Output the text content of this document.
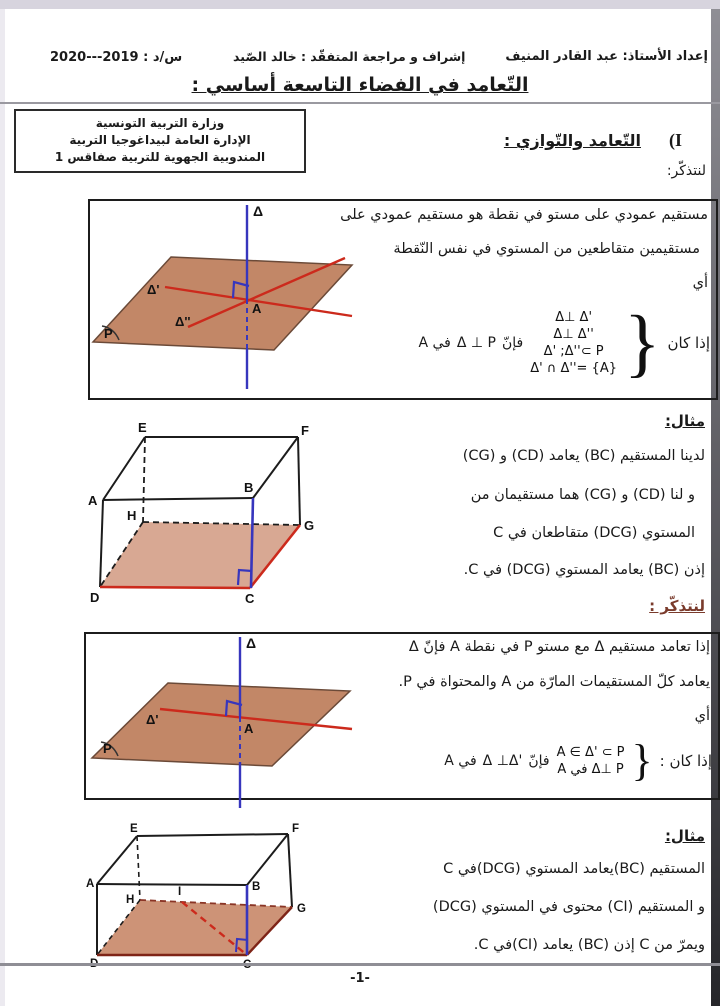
س/د : 2019---2020	إشراف و مراجعة المتفقّد : خالد الصّيد	إعداد الأستاذ: عبد القادر المنيف
التّعامد في الفضاء التاسعة أساسي :
وزارة التربية التونسية
الإدارة العامة لبيداغوجيا التربية
المندوبية الجهوية للتربية صفاقس 1
(I
التّعامد والتّوازي :
لنتذكّر:
مستقيم عمودي على مستو في نقطة هو مستقيم عمودي على
مستقيمين متقاطعين من المستوي في نفس النّقطة
أي
إذا كان
}
Δ⊥ Δ'
Δ⊥ Δ''
Δ' ;Δ''⊂ P
Δ' ∩ Δ''= {A}
فإنّ
Δ ⊥ P
في A
Δ
Δ'
Δ''
A
P
مثال:
لدينا المستقيم (BC) يعامد (CD) و (CG)
و لنا (CD) و (CG) هما مستقيمان من
المستوي (DCG) متقاطعان في C
إذن (BC) يعامد المستوي (DCG) في C.
E	F
A
B
H
G
D	C	لنتذكّر :
إذا تعامد مستقيم Δ مع مستو P في نقطة A فإنّ Δ
يعامد كلّ المستقيمات المارّة من A والمحتواة في P.
أي
إذا كان :
}
A ∈ Δ' ⊂ P
Δ⊥ P في A
فإنّ
Δ ⊥Δ'
في A
Δ
Δ'
A
P
مثال:
المستقيم (BC)يعامد المستوي (DCG)في C
و المستقيم (CI) محتوى في المستوي (DCG)
ويمرّ من C إذن (BC) يعامد (CI)في C.
E	F
A	B
H
I
G
-1-
